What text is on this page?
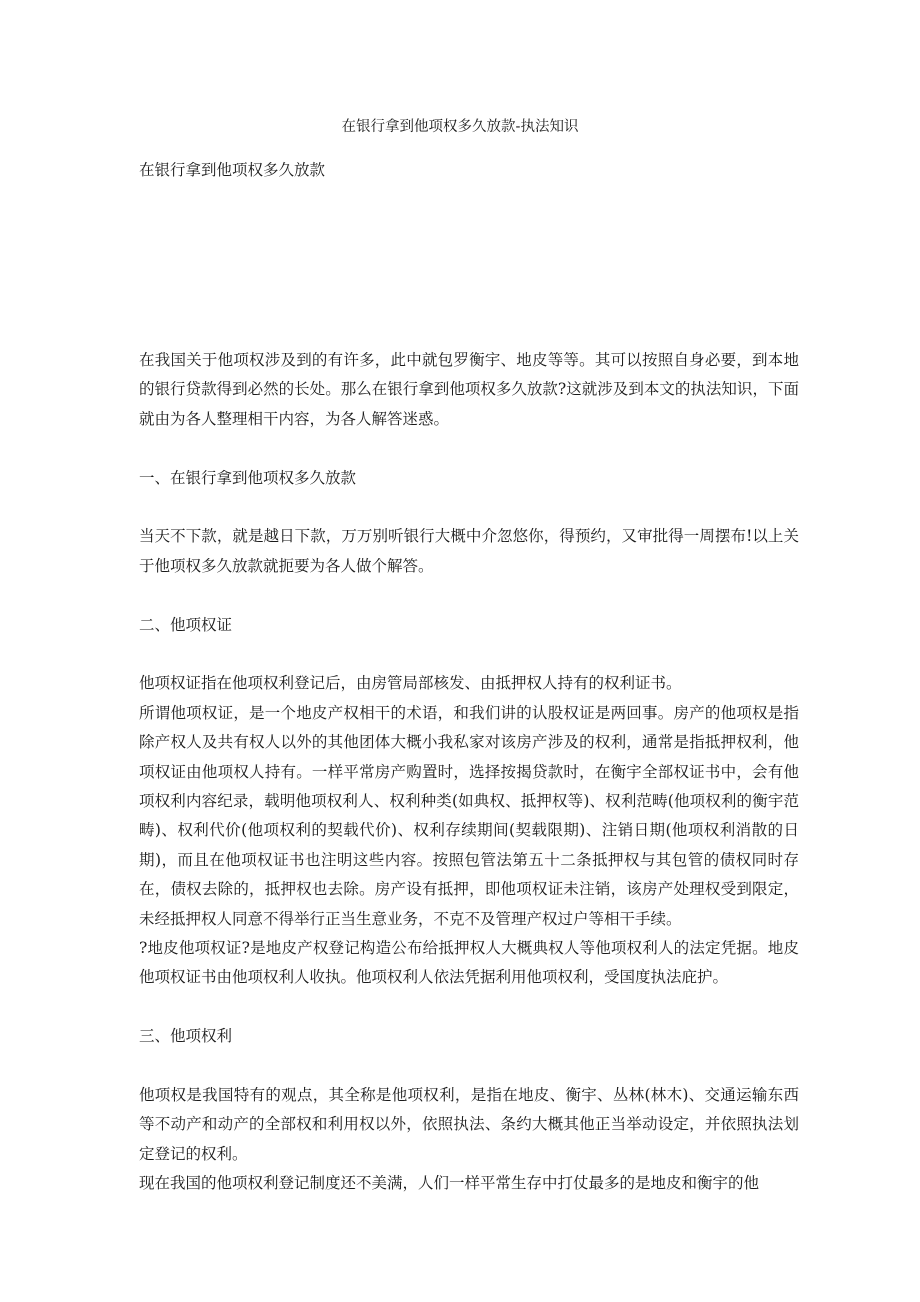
在银行拿到他项权多久放款-执法知识
在银行拿到他项权多久放款

在我国关于他项权涉及到的有许多，此中就包罗衡宇、地皮等等。其可以按照自身必要，到本地的银行贷款得到必然的长处。那么在银行拿到他项权多久放款?这就涉及到本文的执法知识，下面就由为各人整理相干内容，为各人解答迷惑。

一、在银行拿到他项权多久放款

当天不下款，就是越日下款，万万别听银行大概中介忽悠你，得预约，又审批得一周摆布!以上关于他项权多久放款就扼要为各人做个解答。

二、他项权证

他项权证指在他项权利登记后，由房管局部核发、由抵押权人持有的权利证书。

所谓他项权证，是一个地皮产权相干的术语，和我们讲的认股权证是两回事。房产的他项权是指除产权人及共有权人以外的其他团体大概小我私家对该房产涉及的权利，通常是指抵押权利，他项权证由他项权人持有。一样平常房产购置时，选择按揭贷款时，在衡宇全部权证书中，会有他项权利内容纪录，载明他项权利人、权利种类(如典权、抵押权等)、权利范畴(他项权利的衡宇范畴)、权利代价(他项权利的契载代价)、权利存续期间(契载限期)、注销日期(他项权利消散的日期)，而且在他项权证书也注明这些内容。按照包管法第五十二条抵押权与其包管的债权同时存在，债权去除的，抵押权也去除。房产设有抵押，即他项权证未注销，该房产处理权受到限定，未经抵押权人同意不得举行正当生意业务，不克不及管理产权过户等相干手续。

?地皮他项权证?是地皮产权登记构造公布给抵押权人大概典权人等他项权利人的法定凭据。地皮他项权证书由他项权利人收执。他项权利人依法凭据利用他项权利，受国度执法庇护。

三、他项权利

他项权是我国特有的观点，其全称是他项权利，是指在地皮、衡宇、丛林(林木)、交通运输东西等不动产和动产的全部权和利用权以外，依照执法、条约大概其他正当举动设定，并依照执法划定登记的权利。

现在我国的他项权利登记制度还不美满，人们一样平常生存中打仗最多的是地皮和衡宇的他
